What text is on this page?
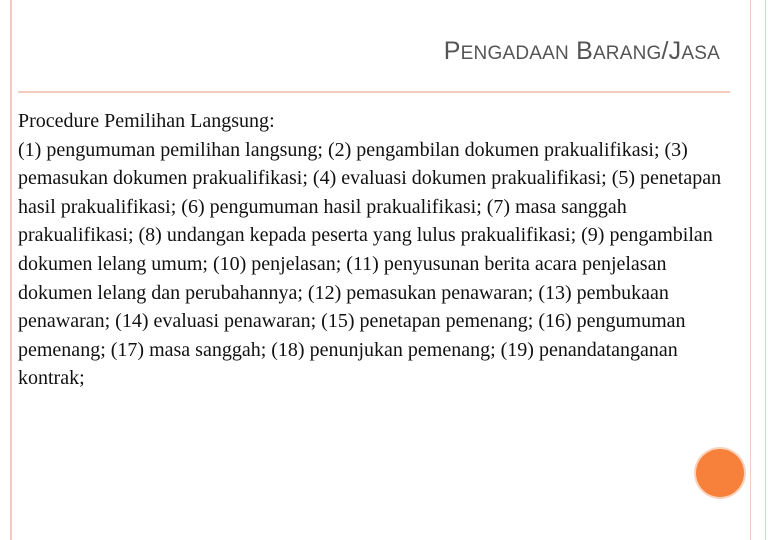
PENGADAAN BARANG/JASA

Procedure Pemilihan Langsung:

(1) pengumuman pemilihan langsung; (2) pengambilan dokumen prakualifikasi; (3) pemasukan dokumen prakualifikasi; (4) evaluasi dokumen prakualifikasi; (5) penetapan hasil prakualifikasi; (6) pengumuman hasil prakualifikasi; (7) masa sanggah prakualifikasi; (8) undangan kepada peserta yang lulus prakualifikasi; (9) pengambilan dokumen lelang umum; (10) penjelasan; (11) penyusunan berita acara penjelasan dokumen lelang dan perubahannya; (12) pemasukan penawaran; (13) pembukaan penawaran; (14) evaluasi penawaran; (15) penetapan pemenang; (16) pengumuman pemenang; (17) masa sanggah; (18) penunjukan pemenang; (19) penandatanganan kontrak;
